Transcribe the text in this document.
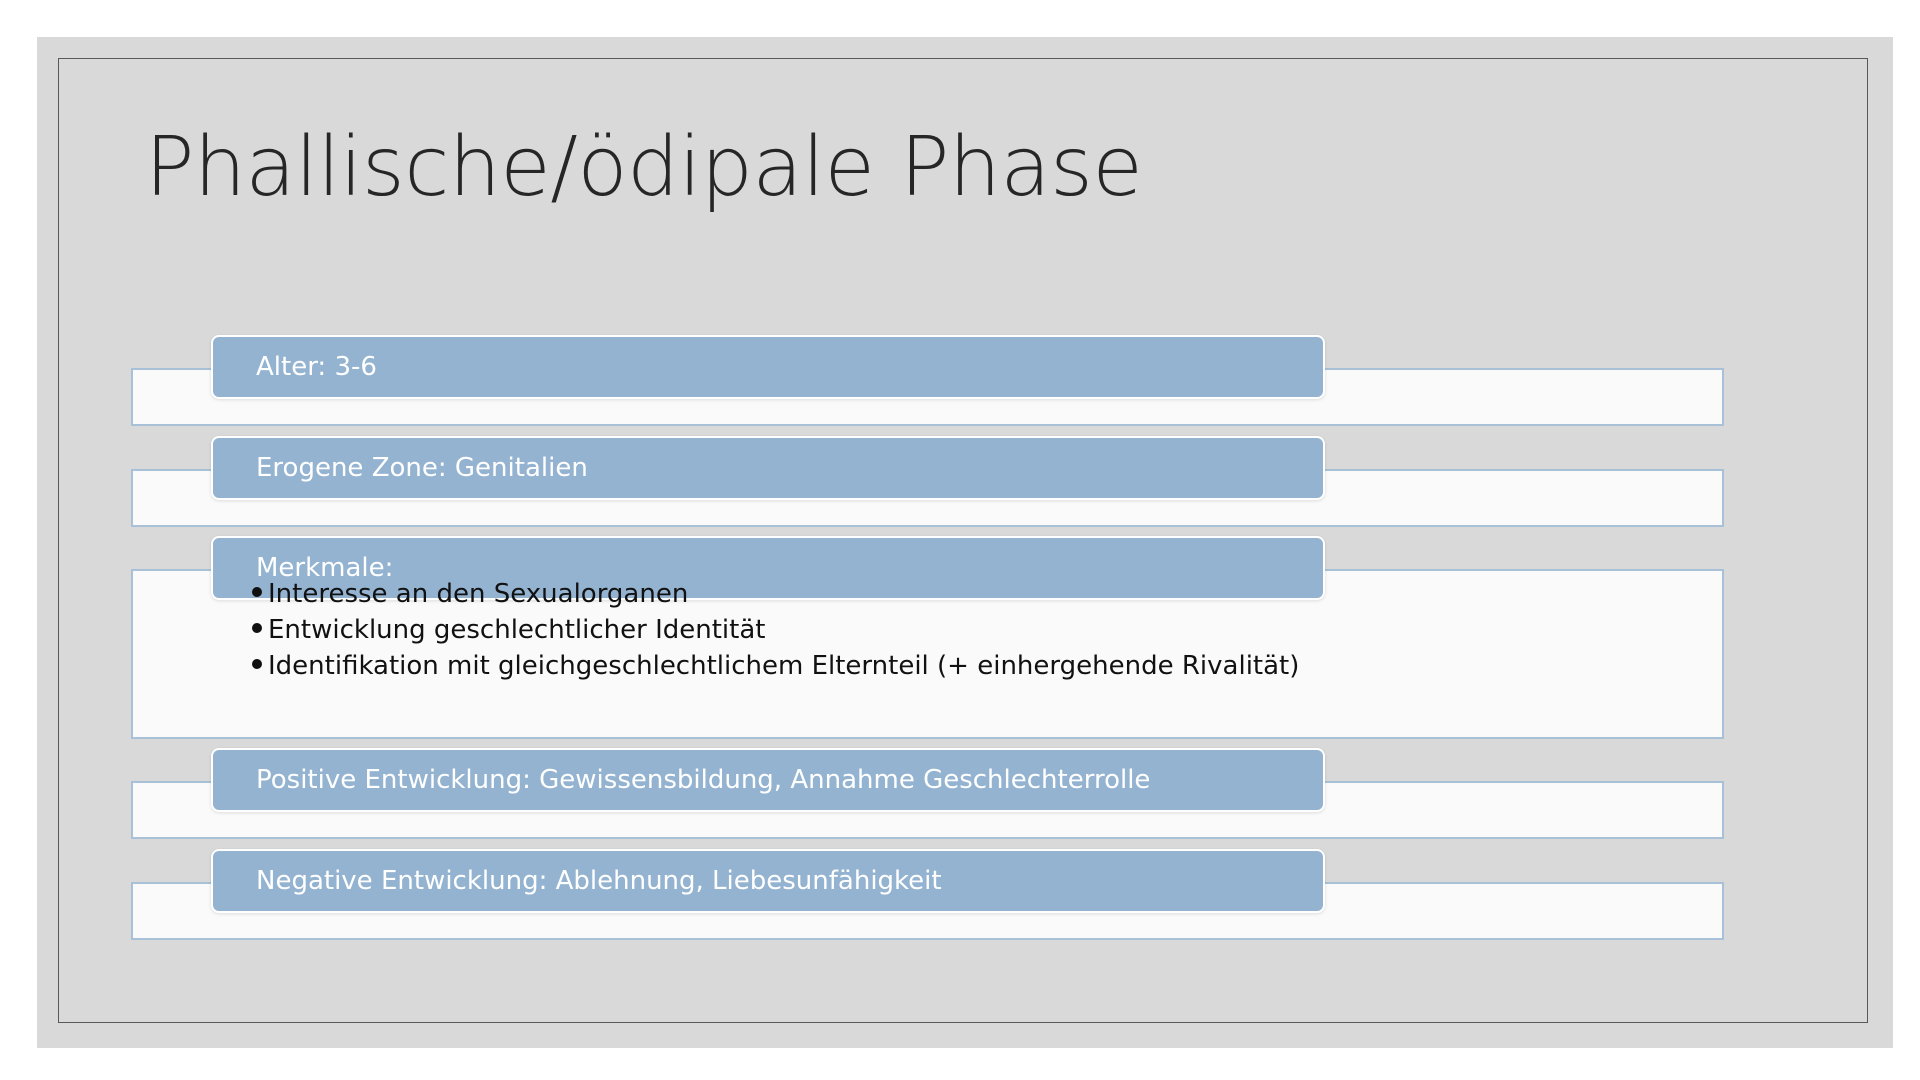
Phallische/ödipale Phase
Alter: 3-6
Erogene Zone: Genitalien
Merkmale:
Interesse an den Sexualorganen
Entwicklung geschlechtlicher Identität
Identifikation mit gleichgeschlechtlichem Elternteil (+ einhergehende Rivalität)
Positive Entwicklung: Gewissensbildung, Annahme Geschlechterrolle
Negative Entwicklung: Ablehnung, Liebesunfähigkeit
